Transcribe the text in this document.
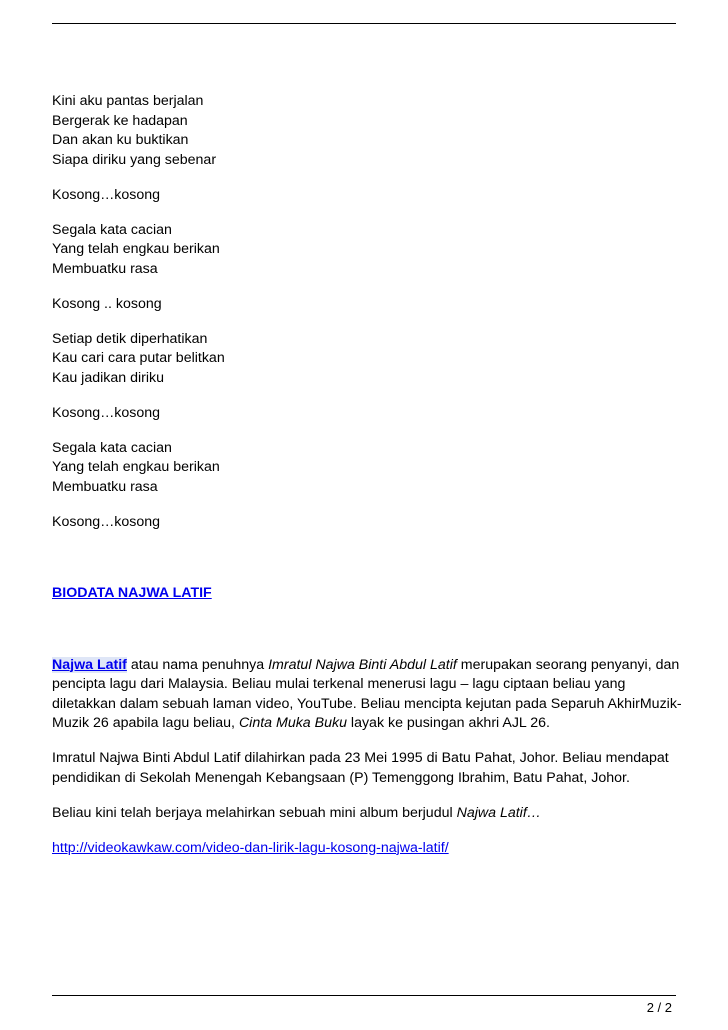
Kini aku pantas berjalan
Bergerak ke hadapan
Dan akan ku buktikan
Siapa diriku yang sebenar
Kosong…kosong
Segala kata cacian
Yang telah engkau berikan
Membuatku rasa
Kosong .. kosong
Setiap detik diperhatikan
Kau cari cara putar belitkan
Kau jadikan diriku
Kosong…kosong
Segala kata cacian
Yang telah engkau berikan
Membuatku rasa
Kosong…kosong
BIODATA NAJWA LATIF

Najwa Latif atau nama penuhnya Imratul Najwa Binti Abdul Latif merupakan seorang penyanyi, dan pencipta lagu dari Malaysia. Beliau mulai terkenal menerusi lagu – lagu ciptaan beliau yang diletakkan dalam sebuah laman video, YouTube. Beliau mencipta kejutan pada Separuh AkhirMuzik-Muzik 26 apabila lagu beliau, Cinta Muka Buku layak ke pusingan akhri AJL 26.

Imratul Najwa Binti Abdul Latif dilahirkan pada 23 Mei 1995 di Batu Pahat, Johor. Beliau mendapat pendidikan di Sekolah Menengah Kebangsaan (P) Temenggong Ibrahim, Batu Pahat, Johor.

Beliau kini telah berjaya melahirkan sebuah mini album berjudul Najwa Latif…

http://videokawkaw.com/video-dan-lirik-lagu-kosong-najwa-latif/

2 / 2
